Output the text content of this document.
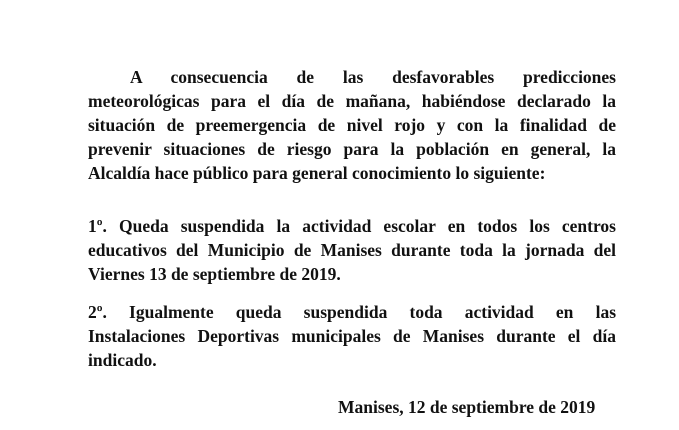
A consecuencia de las desfavorables predicciones
meteorológicas para el día de mañana, habiéndose declarado la
situación de preemergencia de nivel rojo y con la finalidad de
prevenir situaciones de riesgo para la población en general, la
Alcaldía hace público para general conocimiento lo siguiente:
1º. Queda suspendida la actividad escolar en todos los centros
educativos del Municipio de Manises durante toda la jornada del
Viernes 13 de septiembre de 2019.
2º. Igualmente queda suspendida toda actividad en las
Instalaciones Deportivas municipales de Manises durante el día
indicado.
Manises, 12 de septiembre de 2019
